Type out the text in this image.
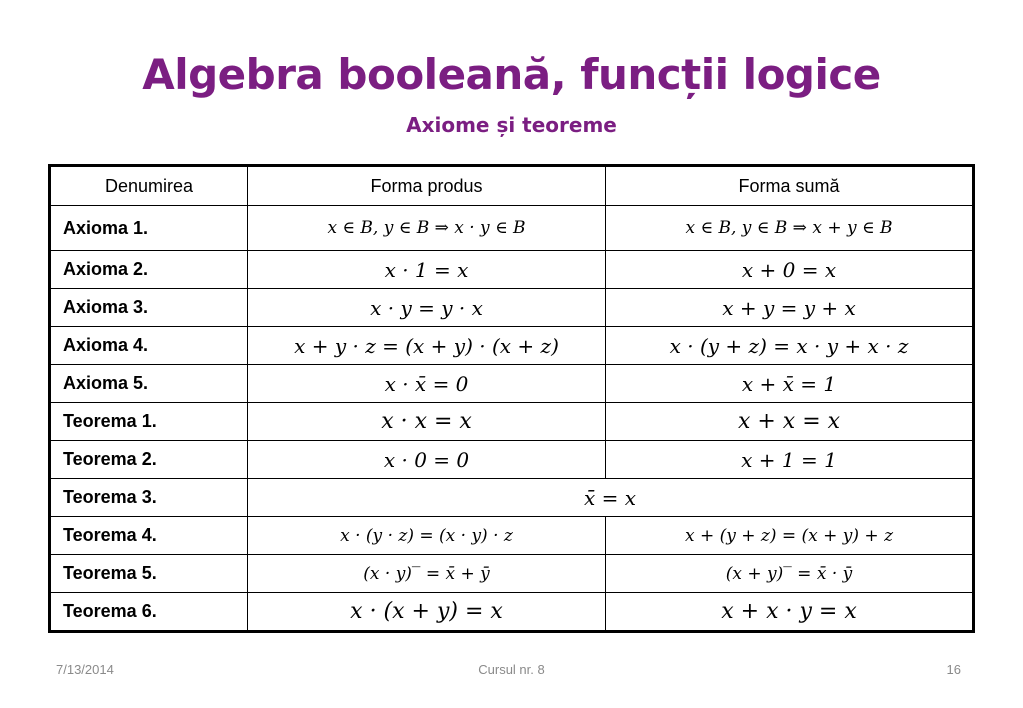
Algebra booleană, funcții logice
Axiome și teoreme
Denumirea	Forma produs	Forma sumă
Axioma 1.	x ∈ B, y ∈ B ⇒ x · y ∈ B	x ∈ B, y ∈ B ⇒ x + y ∈ B
Axioma 2.	x · 1 = x	x + 0 = x
Axioma 3.	x · y = y · x	x + y = y + x
Axioma 4.	x + y · z = (x + y) · (x + z)	x · (y + z) = x · y + x · z
Axioma 5.	x · x̄ = 0	x + x̄ = 1
Teorema 1.	x · x = x	x + x = x
Teorema 2.	x · 0 = 0	x + 1 = 1
Teorema 3.	x̄̄ = x	
Teorema 4.	x · (y · z) = (x · y) · z	x + (y + z) = (x + y) + z
Teorema 5.	(x · y)‾ = x̄ + ȳ	(x + y)‾ = x̄ · ȳ
Teorema 6.	x · (x + y) = x	x + x · y = x
7/13/2014	Cursul nr. 8	16
